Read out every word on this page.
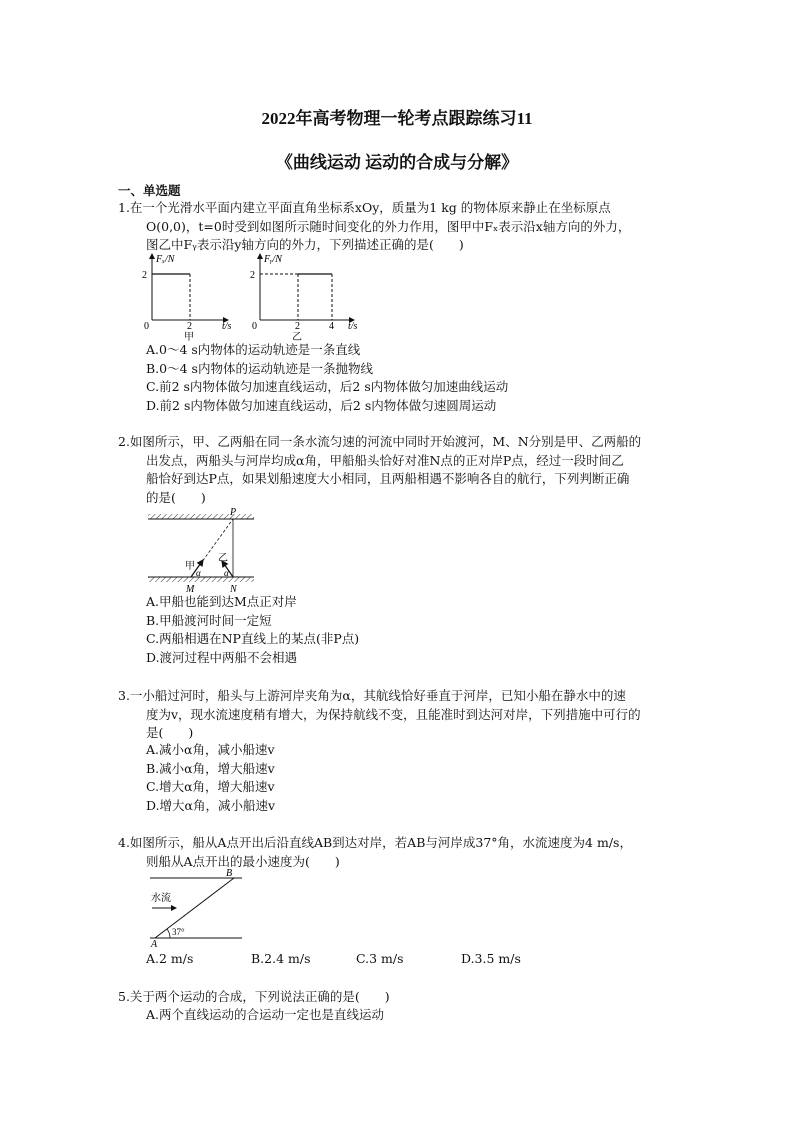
2022年高考物理一轮考点跟踪练习11
《曲线运动 运动的合成与分解》
一、单选题
1.在一个光滑水平面内建立平面直角坐标系xOy，质量为1 kg 的物体原来静止在坐标原点
O(0,0)，t=0时受到如图所示随时间变化的外力作用，图甲中Fₓ表示沿x轴方向的外力，
图乙中Fᵧ表示沿y轴方向的外力，下列描述正确的是(　　)
Fₓ/N
2
0	2	t/s
甲
Fᵧ/N
2
0	2	4 t/s
乙
A.0～4 s内物体的运动轨迹是一条直线
B.0～4 s内物体的运动轨迹是一条抛物线
C.前2 s内物体做匀加速直线运动，后2 s内物体做匀加速曲线运动
D.前2 s内物体做匀加速直线运动，后2 s内物体做匀速圆周运动
2.如图所示，甲、乙两船在同一条水流匀速的河流中同时开始渡河，M、N分别是甲、乙两船的
出发点，两船头与河岸均成α角，甲船船头恰好对准N点的正对岸P点，经过一段时间乙
船恰好到达P点，如果划船速度大小相同，且两船相遇不影响各自的航行，下列判断正确
的是(　　)
P
M	N
甲
乙
α	α
A.甲船也能到达M点正对岸
B.甲船渡河时间一定短
C.两船相遇在NP直线上的某点(非P点)
D.渡河过程中两船不会相遇
3.一小船过河时，船头与上游河岸夹角为α，其航线恰好垂直于河岸，已知小船在静水中的速
度为v，现水流速度稍有增大，为保持航线不变，且能准时到达河对岸，下列措施中可行的
是(　　)
A.减小α角，减小船速v
B.减小α角，增大船速v
C.增大α角，增大船速v
D.增大α角，减小船速v
4.如图所示，船从A点开出后沿直线AB到达对岸，若AB与河岸成37°角，水流速度为4 m/s，
则船从A点开出的最小速度为(　　)
B
A
水流
37°
A.2 m/s	B.2.4 m/s	C.3 m/s	D.3.5 m/s
5.关于两个运动的合成，下列说法正确的是(　　)
A.两个直线运动的合运动一定也是直线运动
